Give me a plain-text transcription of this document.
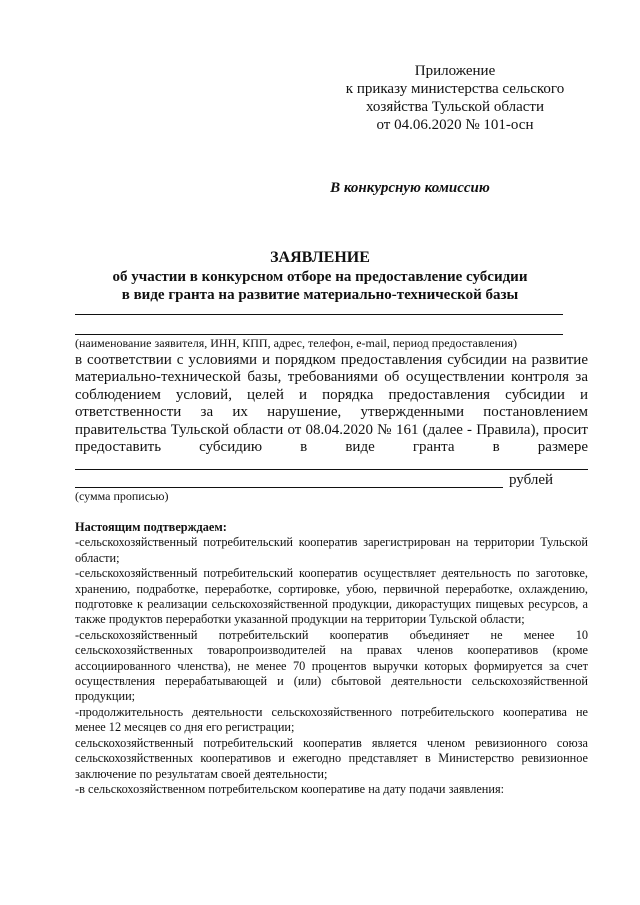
Приложение
к приказу министерства сельского
хозяйства Тульской области
от 04.06.2020 № 101-осн
В конкурсную комиссию
ЗАЯВЛЕНИЕ
об участии в конкурсном отборе на предоставление субсидии
в виде гранта на развитие материально-технической базы
(наименование заявителя, ИНН, КПП, адрес, телефон, e-mail, период предоставления)
в соответствии с условиями и порядком предоставления субсидии на развитие
материально-технической базы, требованиями об осуществлении контроля за
соблюдением условий, целей и порядка предоставления субсидии и
ответственности за их нарушение, утвержденными постановлением
правительства Тульской области от 08.04.2020 № 161 (далее - Правила), просит
предоставить субсидию в виде гранта в размере
рублей
(сумма прописью)

Настоящим подтверждаем:

-сельскохозяйственный потребительский кооператив зарегистрирован на территории Тульской области;

-сельскохозяйственный потребительский кооператив осуществляет деятельность по заготовке, хранению, подработке, переработке, сортировке, убою, первичной переработке, охлаждению, подготовке к реализации сельскохозяйственной продукции, дикорастущих пищевых ресурсов, а также продуктов переработки указанной продукции на территории Тульской области;

-сельскохозяйственный потребительский кооператив объединяет не менее 10 сельскохозяйственных товаропроизводителей на правах членов кооперативов (кроме ассоциированного членства), не менее 70 процентов выручки которых формируется за счет осуществления перерабатывающей и (или) сбытовой деятельности сельскохозяйственной продукции;

-продолжительность деятельности сельскохозяйственного потребительского кооператива не менее 12 месяцев со дня его регистрации;

сельскохозяйственный потребительский кооператив является членом ревизионного союза сельскохозяйственных кооперативов и ежегодно представляет в Министерство ревизионное заключение по результатам своей деятельности;

-в сельскохозяйственном потребительском кооперативе на дату подачи заявления:
